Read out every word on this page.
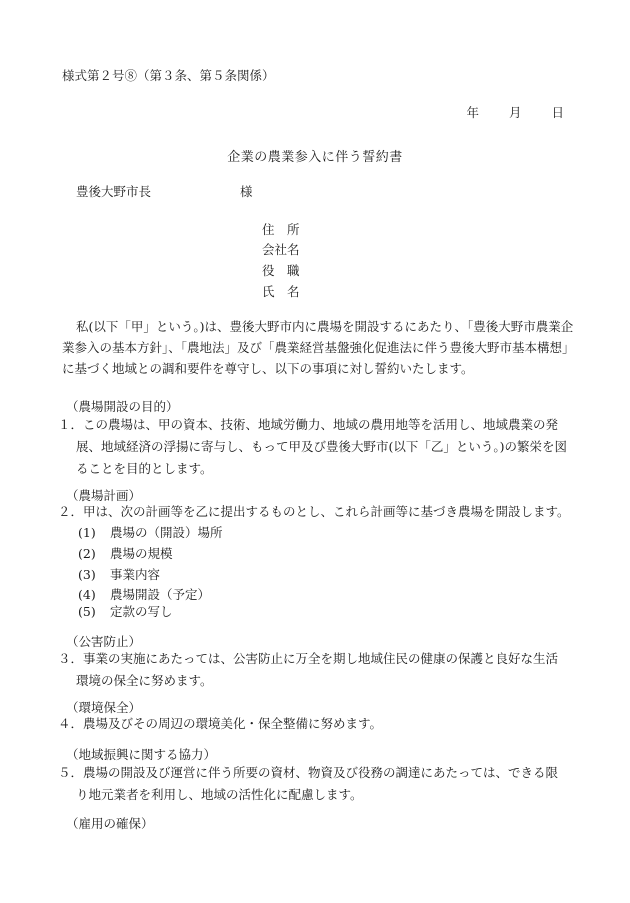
様式第２号⑧（第３条、第５条関係）
年 月 日
企業の農業参入に伴う誓約書
豊後大野市長	様
住　所
会社名
役　職
氏　名
私(以下「甲」という。)は、豊後大野市内に農場を開設するにあたり、「豊後大野市農業企
業参入の基本方針」、「農地法」及び「農業経営基盤強化促進法に伴う豊後大野市基本構想」
に基づく地域との調和要件を尊守し、以下の事項に対し誓約いたします。
（農場開設の目的）
１．この農場は、甲の資本、技術、地域労働力、地域の農用地等を活用し、地域農業の発
展、地域経済の浮揚に寄与し、もって甲及び豊後大野市(以下「乙」という。)の繁栄を図
ることを目的とします。
（農場計画）
２．甲は、次の計画等を乙に提出するものとし、これら計画等に基づき農場を開設します。
(1) 農場の（開設）場所
(2) 農場の規模
(3) 事業内容
(4) 農場開設（予定）
(5) 定款の写し
（公害防止）
３．事業の実施にあたっては、公害防止に万全を期し地域住民の健康の保護と良好な生活
環境の保全に努めます。
（環境保全）
４．農場及びその周辺の環境美化・保全整備に努めます。
（地域振興に関する協力）
５．農場の開設及び運営に伴う所要の資材、物資及び役務の調達にあたっては、できる限
り地元業者を利用し、地域の活性化に配慮します。
（雇用の確保）
